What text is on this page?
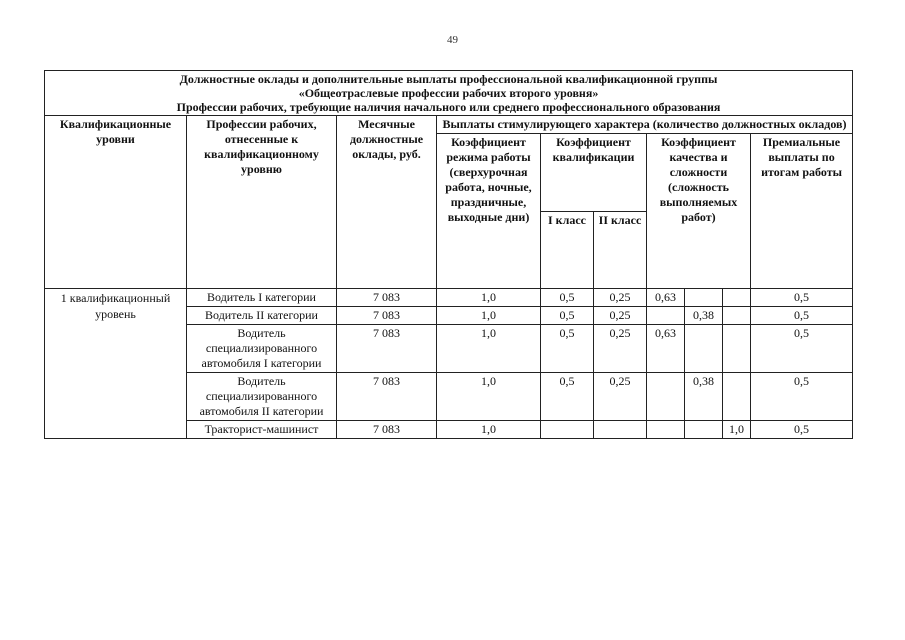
49
Должностные оклады и дополнительные выплаты профессиональной квалификационной группы
«Общеотраслевые профессии рабочих второго уровня»
Профессии рабочих, требующие наличия начального или среднего профессионального образования									

Квалификационные уровни	Профессии рабочих, отнесенные к квалификационному уровню	Месячные должностные оклады, руб.	Выплаты стимулирующего характера (количество должностных окладов)						
			Коэффициент режима работы (сверхурочная работа, ночные, праздничные, выходные дни)	Коэффициент квалификации		Коэффициент качества и сложности (сложность выполняемых работ)			Премиальные выплаты по итогам работы
				I класс	II класс				
1 квалификационный уровень	Водитель I категории	7 083	1,0	0,5	0,25	0,63			0,5
	Водитель II категории	7 083	1,0	0,5	0,25		0,38		0,5
	Водитель специализированного автомобиля I категории	7 083	1,0	0,5	0,25	0,63			0,5
	Водитель специализированного автомобиля II категории	7 083	1,0	0,5	0,25		0,38		0,5
	Тракторист-машинист	7 083	1,0					1,0	0,5
